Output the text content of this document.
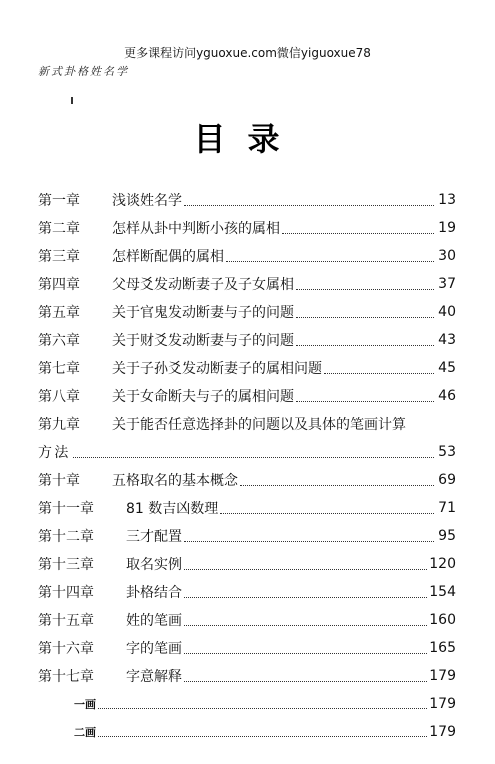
更多课程访问yguoxue.com微信yiguoxue78
新式卦格姓名学
目录
第一章	浅谈姓名学	13
第二章	怎样从卦中判断小孩的属相	19
第三章	怎样断配偶的属相	30
第四章	父母爻发动断妻子及子女属相	37
第五章	关于官鬼发动断妻与子的问题	40
第六章	关于财爻发动断妻与子的问题	43
第七章	关于子孙爻发动断妻子的属相问题	45
第八章	关于女命断夫与子的属相问题	46
第九章	关于能否任意选择卦的问题以及具体的笔画计算
方法	53
第十章	五格取名的基本概念	69
第十一章	81 数吉凶数理	71
第十二章	三才配置	95
第十三章	取名实例	120
第十四章	卦格结合	154
第十五章	姓的笔画	160
第十六章	字的笔画	165
第十七章	字意解释	179
一画	179
二画	179
